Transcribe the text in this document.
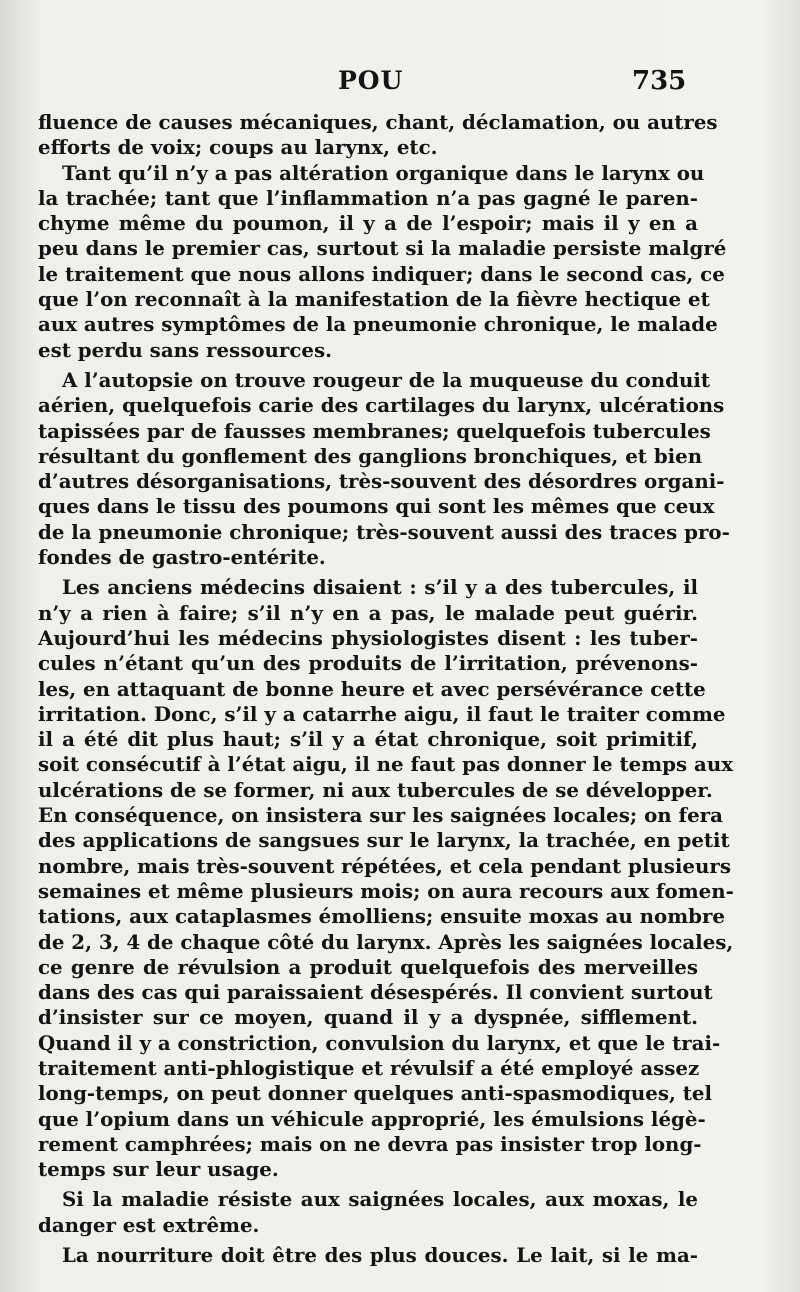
POU	735
fluence de causes mécaniques, chant, déclamation, ou autres
efforts de voix; coups au larynx, etc.
Tant qu’il n’y a pas altération organique dans le larynx ou
la trachée; tant que l’inflammation n’a pas gagné le paren-
chyme même du poumon, il y a de l’espoir; mais il y en a
peu dans le premier cas, surtout si la maladie persiste malgré
le traitement que nous allons indiquer; dans le second cas, ce
que l’on reconnaît à la manifestation de la fièvre hectique et
aux autres symptômes de la pneumonie chronique, le malade
est perdu sans ressources.
A l’autopsie on trouve rougeur de la muqueuse du conduit
aérien, quelquefois carie des cartilages du larynx, ulcérations
tapissées par de fausses membranes; quelquefois tubercules
résultant du gonflement des ganglions bronchiques, et bien
d’autres désorganisations, très-souvent des désordres organi-
ques dans le tissu des poumons qui sont les mêmes que ceux
de la pneumonie chronique; très-souvent aussi des traces pro-
fondes de gastro-entérite.
Les anciens médecins disaient : s’il y a des tubercules, il
n’y a rien à faire; s’il n’y en a pas, le malade peut guérir.
Aujourd’hui les médecins physiologistes disent : les tuber-
cules n’étant qu’un des produits de l’irritation, prévenons-
les, en attaquant de bonne heure et avec persévérance cette
irritation. Donc, s’il y a catarrhe aigu, il faut le traiter comme
il a été dit plus haut; s’il y a état chronique, soit primitif,
soit consécutif à l’état aigu, il ne faut pas donner le temps aux
ulcérations de se former, ni aux tubercules de se développer.
En conséquence, on insistera sur les saignées locales; on fera
des applications de sangsues sur le larynx, la trachée, en petit
nombre, mais très-souvent répétées, et cela pendant plusieurs
semaines et même plusieurs mois; on aura recours aux fomen-
tations, aux cataplasmes émolliens; ensuite moxas au nombre
de 2, 3, 4 de chaque côté du larynx. Après les saignées locales,
ce genre de révulsion a produit quelquefois des merveilles
dans des cas qui paraissaient désespérés. Il convient surtout
d’insister sur ce moyen, quand il y a dyspnée, sifflement.
Quand il y a constriction, convulsion du larynx, et que le trai-
traitement anti-phlogistique et révulsif a été employé assez
long-temps, on peut donner quelques anti-spasmodiques, tel
que l’opium dans un véhicule approprié, les émulsions légè-
rement camphrées; mais on ne devra pas insister trop long-
temps sur leur usage.
Si la maladie résiste aux saignées locales, aux moxas, le
danger est extrême.
La nourriture doit être des plus douces. Le lait, si le ma-
